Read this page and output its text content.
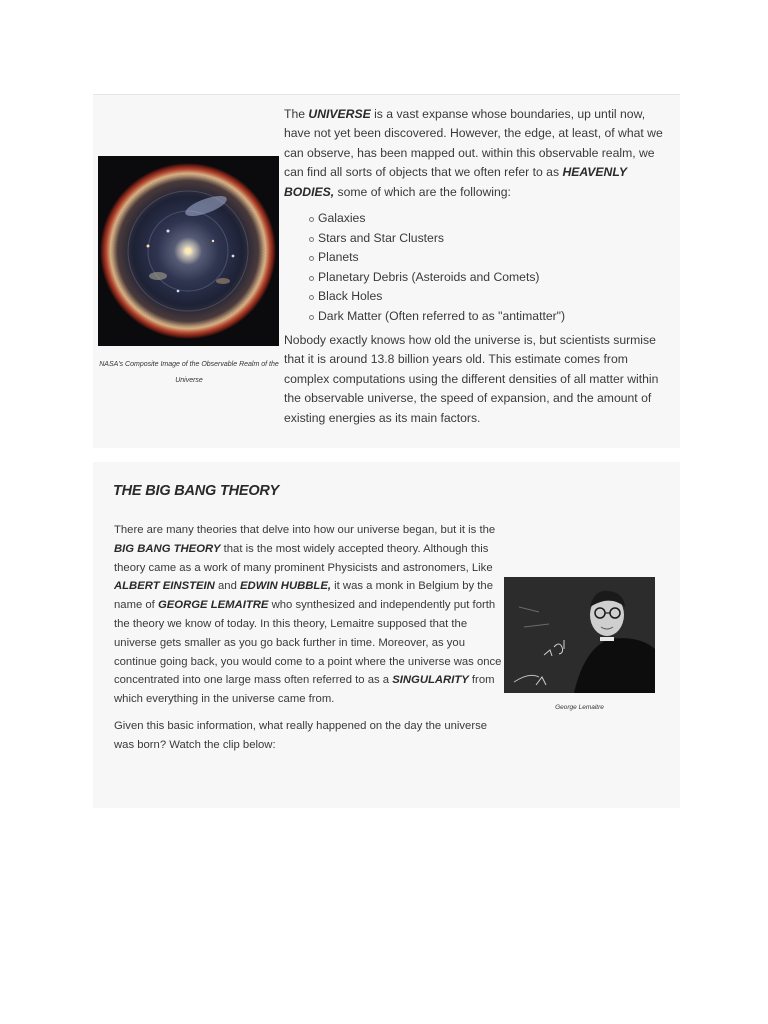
NASA's Composite Image of the Observable Realm of the Universe

The UNIVERSE is a vast expanse whose boundaries, up until now, have not yet been discovered. However, the edge, at least, of what we can observe, has been mapped out. within this observable realm, we can find all sorts of objects that we often refer to as HEAVENLY BODIES, some of which are the following:

Galaxies
Stars and Star Clusters
Planets
Planetary Debris (Asteroids and Comets)
Black Holes
Dark Matter (Often referred to as "antimatter")

Nobody exactly knows how old the universe is, but scientists surmise that it is around 13.8 billion years old. This estimate comes from complex computations using the different densities of all matter within the observable universe, the speed of expansion, and the amount of existing energies as its main factors.

THE BIG BANG THEORY

There are many theories that delve into how our universe began, but it is the BIG BANG THEORY that is the most widely accepted theory. Although this theory came as a work of many prominent Physicists and astronomers, Like ALBERT EINSTEIN and EDWIN HUBBLE, it was a monk in Belgium by the name of GEORGE LEMAITRE who synthesized and independently put forth the theory we know of today. In this theory, Lemaitre supposed that the universe gets smaller as you go back further in time. Moreover, as you continue going back, you would come to a point where the universe was once concentrated into one large mass often referred to as a SINGULARITY from which everything in the universe came from.

Given this basic information, what really happened on the day the universe was born? Watch the clip below:

George Lemaitre
